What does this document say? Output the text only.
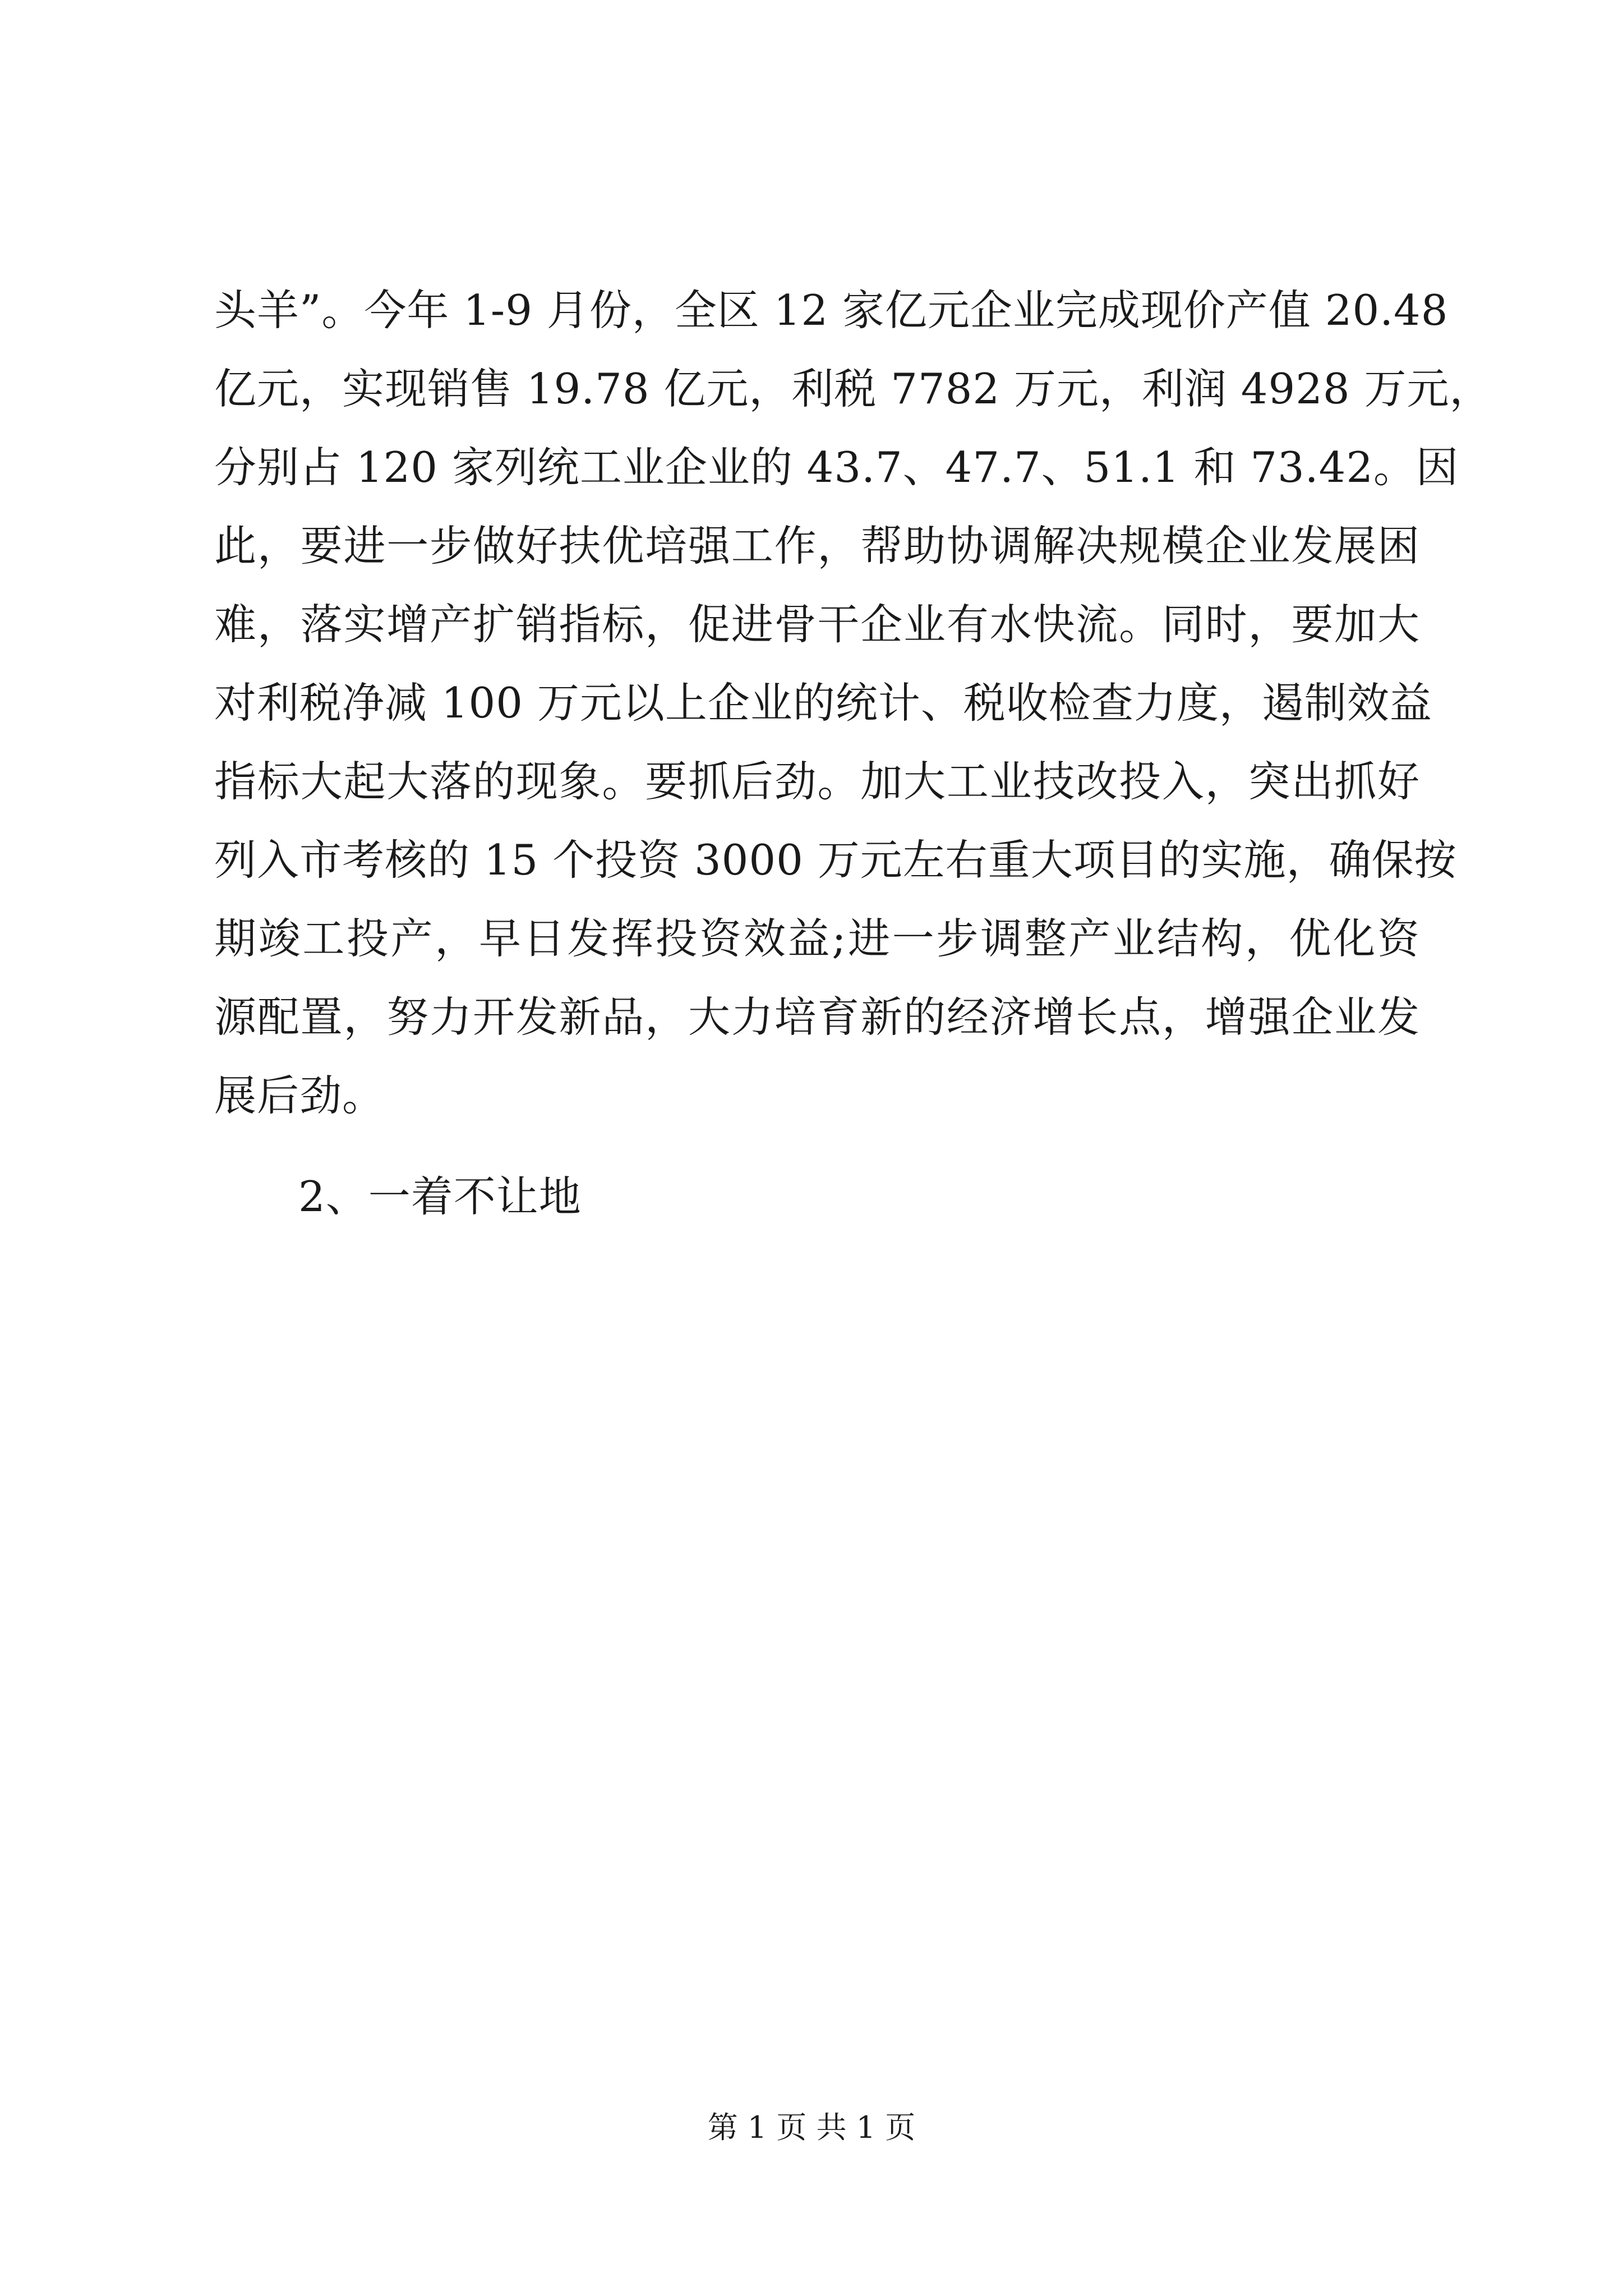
头羊”。今年 1-9 月份，全区 12 家亿元企业完成现价产值 20.48
亿元，实现销售 19.78 亿元，利税 7782 万元，利润 4928 万元，
分别占 120 家列统工业企业的 43.7、47.7、51.1 和 73.42。因
此，要进一步做好扶优培强工作，帮助协调解决规模企业发展困
难，落实增产扩销指标，促进骨干企业有水快流。同时，要加大
对利税净减 100 万元以上企业的统计、税收检查力度，遏制效益
指标大起大落的现象。要抓后劲。加大工业技改投入，突出抓好
列入市考核的 15 个投资 3000 万元左右重大项目的实施，确保按
期竣工投产，早日发挥投资效益;进一步调整产业结构，优化资
源配置，努力开发新品，大力培育新的经济增长点，增强企业发
展后劲。
2、一着不让地
第 1 页 共 1 页
